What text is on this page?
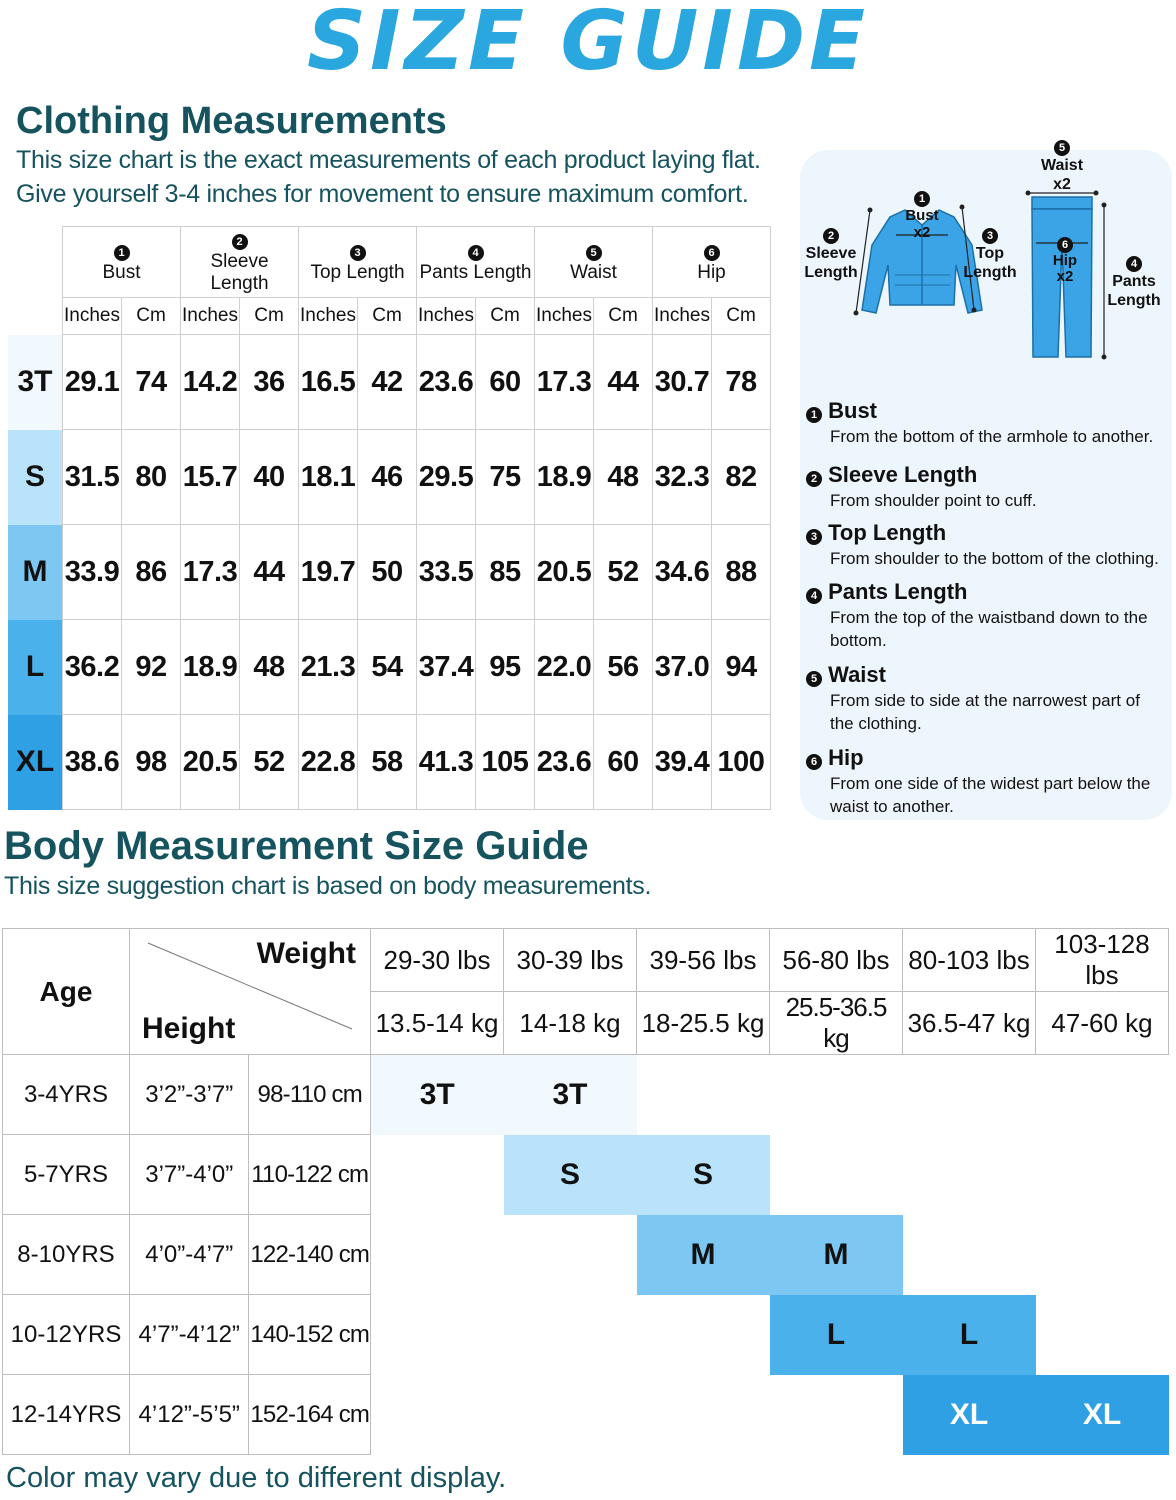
SIZE GUIDE
Clothing Measurements
This size chart is the exact measurements of each product laying flat.
Give yourself 3-4 inches for movement to ensure maximum comfort.
	1
Bust		2
Sleeve Length		3
Top Length		4
Pants Length		5
Waist		6
Hip	
	Inches	Cm	Inches	Cm	Inches	Cm	Inches	Cm	Inches	Cm	Inches	Cm
3T	29.1	74	14.2	36	16.5	42	23.6	60	17.3	44	30.7	78
S	31.5	80	15.7	40	18.1	46	29.5	75	18.9	48	32.3	82
M	33.9	86	17.3	44	19.7	50	33.5	85	20.5	52	34.6	88
L	36.2	92	18.9	48	21.3	54	37.4	95	22.0	56	37.0	94
XL	38.6	98	20.5	52	22.8	58	41.3	105	23.6	60	39.4	100
2
Sleeve
Length
1
Bust
x2	3
Top
Length
5
Waist
x2
6
Hip
x2
4
Pants
Length
1 Bust
From the bottom of the armhole to another.
2 Sleeve Length
From shoulder point to cuff.
3 Top Length
From shoulder to the bottom of the clothing.
4 Pants Length
From the top of the waistband down to the bottom.
5 Waist
From side to side at the narrowest part of the clothing.
6 Hip
From one side of the widest part below the waist to another.
Body Measurement Size Guide
This size suggestion chart is based on body measurements.
Age	Weight
Height		29-30 lbs	30-39 lbs	39-56 lbs	56-80 lbs	80-103 lbs	103-128 lbs
			13.5-14 kg	14-18 kg	18-25.5 kg	25.5-36.5 kg	36.5-47 kg	47-60 kg
3-4YRS	3’2”-3’7”	98-110 cm	3T	3T				
5-7YRS	3’7”-4’0”	110-122 cm		S	S			
8-10YRS	4’0”-4’7”	122-140 cm			M	M		
10-12YRS	4’7”-4’12”	140-152 cm				L	L	
12-14YRS	4’12”-5’5”	152-164 cm					XL	XL
Color may vary due to different display.
